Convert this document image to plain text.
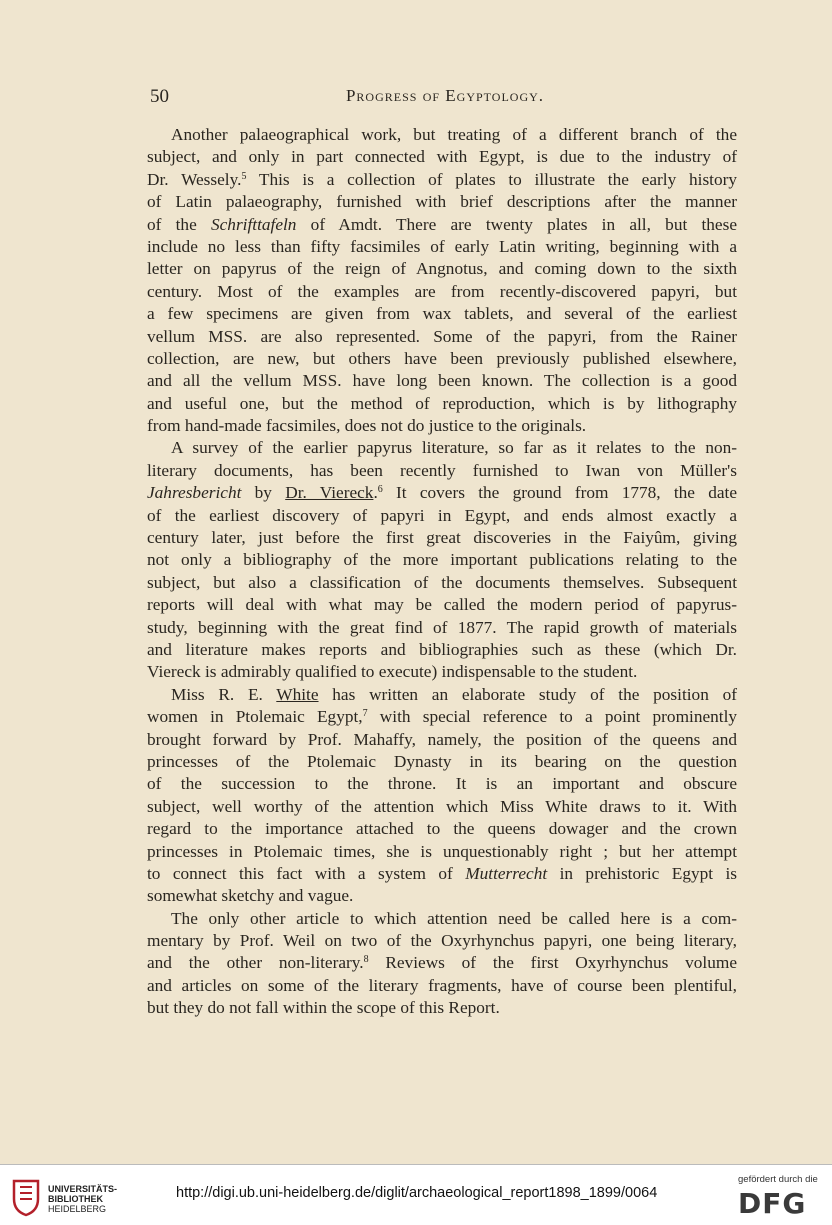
50	Progress of Egyptology.
Another palaeographical work, but treating of a different branch of the
subject, and only in part connected with Egypt, is due to the industry of
Dr. Wessely.$^5$ This is a collection of plates to illustrate the early history
of Latin palaeography, furnished with brief descriptions after the manner
of the Schrifttafeln of Amdt. There are twenty plates in all, but these
include no less than fifty facsimiles of early Latin writing, beginning with a
letter on papyrus of the reign of Angnotus, and coming down to the sixth
century. Most of the examples are from recently-discovered papyri, but
a few specimens are given from wax tablets, and several of the earliest
vellum MSS. are also represented. Some of the papyri, from the Rainer
collection, are new, but others have been previously published elsewhere,
and all the vellum MSS. have long been known. The collection is a good
and useful one, but the method of reproduction, which is by lithography
from hand-made facsimiles, does not do justice to the originals.
A survey of the earlier papyrus literature, so far as it relates to the non-
literary documents, has been recently furnished to Iwan von Müller's
Jahresbericht by Dr. Viereck.$^6$ It covers the ground from 1778, the date
of the earliest discovery of papyri in Egypt, and ends almost exactly a
century later, just before the first great discoveries in the Faiyûm, giving
not only a bibliography of the more important publications relating to the
subject, but also a classification of the documents themselves. Subsequent
reports will deal with what may be called the modern period of papyrus-
study, beginning with the great find of 1877. The rapid growth of materials
and literature makes reports and bibliographies such as these (which Dr.
Viereck is admirably qualified to execute) indispensable to the student.
Miss R. E. White has written an elaborate study of the position of
women in Ptolemaic Egypt,$^7$ with special reference to a point prominently
brought forward by Prof. Mahaffy, namely, the position of the queens and
princesses of the Ptolemaic Dynasty in its bearing on the question
of the succession to the throne. It is an important and obscure
subject, well worthy of the attention which Miss White draws to it. With
regard to the importance attached to the queens dowager and the crown
princesses in Ptolemaic times, she is unquestionably right ; but her attempt
to connect this fact with a system of Mutterrecht in prehistoric Egypt is
somewhat sketchy and vague.
The only other article to which attention need be called here is a com-
mentary by Prof. Weil on two of the Oxyrhynchus papyri, one being literary,
and the other non-literary.$^8$ Reviews of the first Oxyrhynchus volume
and articles on some of the literary fragments, have of course been plentiful,
but they do not fall within the scope of this Report.
UNIVERSITÄTS-
BIBLIOTHEK
HEIDELBERG
http://digi.ub.uni-heidelberg.de/diglit/archaeological_report1898_1899/0064
gefördert durch die
DFG
